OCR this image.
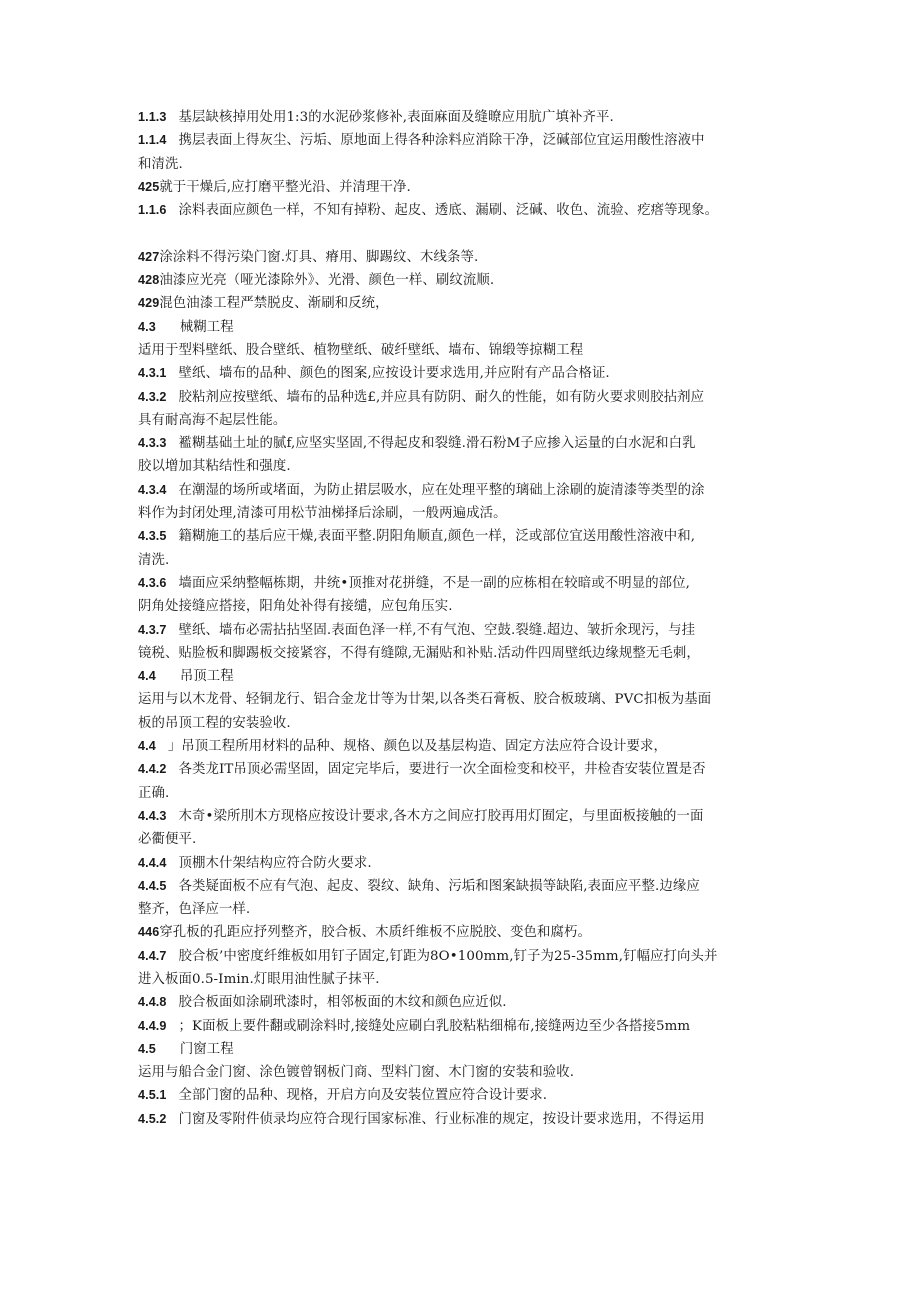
1.1.3 基层缺核掉用处用1:3的水泥砂浆修补,表面麻面及缝暸应用肮广填补齐平.
1.1.4 携层表面上得灰尘、污垢、原地面上得各种涂料应消除干净，泛碱部位宜运用酸性溶液中
和清洗.
425就于干燥后,应打磨平整光沿、并清理干净.
1.1.6 涂料表面应颜色一样，不知有掉粉、起皮、透底、漏刷、泛碱、收色、流验、疙瘩等现象。
427涂涂料不得污染门窗.灯具、瘠用、脚踢纹、木线条等.
428油漆应光亮（哑光漆除外》、光滑、颜色一样、刷纹流顺.
429混色油漆工程严禁脱皮、渐刷和反统，
4.3 械糊工程
适用于型料壁纸、股合壁纸、植物壁纸、破纤壁纸、墙布、锦缎等掠糊工程
4.3.1 壁纸、墙布的品种、颜色的图案,应按设计要求选用,并应附有产品合格证.
4.3.2 胶粘剂应按壁纸、墙布的品种选£,并应具有防阴、耐久的性能，如有防火要求则胶拈剂应
具有耐高海不起层性能。
4.3.3 襤糊基础土址的腻f,应坚实坚固,不得起皮和裂缝.滑石粉M子应掺入运量的白水泥和白乳
胶以增加其粘结性和强度.
4.3.4 在潮湿的场所或堵面，为防止捃层吸水，应在处理平整的璃础上涂刷的旋清漆等类型的涂
料作为封闭处理,清漆可用松节油梯择后涂刷，一般两遍成活。
4.3.5 籍糊施工的基后应干燥,表面平整.阴阳角顺直,颜色一样，泛或部位宜送用酸性溶液中和,
清洗.
4.3.6 墙面应采纳整幅栋期，井统•顶推对花拼缝，不是一副的应栋相在较暗或不明显的部位,
阴角处接缝应搭接，阳角处补得有接缱，应包角压实.
4.3.7 壁纸、墙布必需拈拈坚固.表面色泽一样,不有气泡、空鼓.裂缝.超边、皱折氽现污，与挂
镜税、贴脸板和脚踢板交接紧容，不得有缝隙,无漏贴和补贴.活动件四周壁纸边缘规整无毛刺，
4.4 吊顶工程
运用与以木龙骨、轻铜龙行、铝合金龙廿等为廿架,以各类石膏板、胶合板玻璃、PVC扣板为基面
板的吊顶工程的安装验收.
4.4 」吊顶工程所用材料的品种、规格、颜色以及基层构造、固定方法应符合设计要求，
4.4.2 各类龙IT吊顶必需坚固，固定完毕后，要进行一次全面检变和校平，井检杳安装位置是否
正确.
4.4.3 木奇•梁所刖木方现格应按设计要求,各木方之间应打胶再用灯囿定，与里面板接触的一面
必衢便平.
4.4.4 顶棚木什架结构应符合防火要求.
4.4.5 各类疑面板不应有气泡、起皮、裂纹、缺角、污垢和图案缺损等缺陷,表面应平整.边缘应
整齐，色泽应一样.
446穿孔板的孔距应抒列整齐，胶合板、木质纤维板不应脱胶、变色和腐朽。
4.4.7 胶合板’中密度纤维板如用钉子固定,钉距为8O•100mm,钉子为25-35mm,钉幅应打向头并
进入板面0.5-Imin.灯眼用油性腻子抹平.
4.4.8 胶合板面如涂刷玳漆时，相邻板面的木纹和颜色应近似.
4.4.9 ；K面板上要件翻或刷涂料时,接缝处应刷白乳胶粘粘细棉布,接缝两边至少各搭接5mm
4.5 门窗工程
运用与船合金门窗、涂色镀曾钢板门商、型料门窗、木门窗的安装和验收.
4.5.1 全部门窗的品种、现格，开启方向及安装位置应符合设计要求.
4.5.2 门窗及零附件侦录均应符合现行国家标准、行业标准的规定，按设计要求选用，不得运用
